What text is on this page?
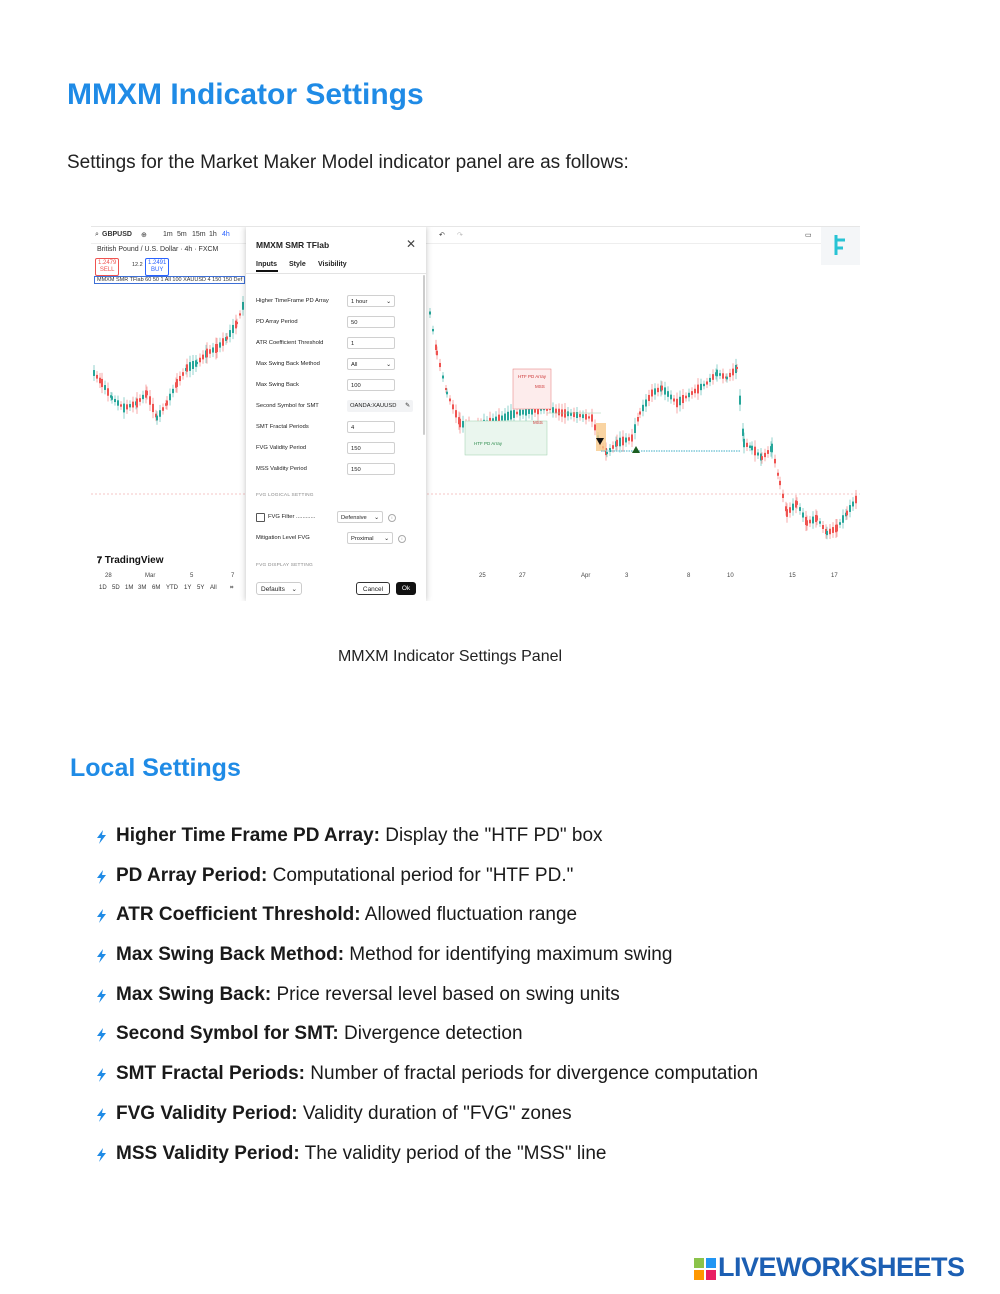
MMXM Indicator Settings

Settings for the Market Maker Model indicator panel are as follows:

⌕ GBPUSD ⊕ 1m 5m 15m 1h 4h	↶ ↷	▭
British Pound / U.S. Dollar · 4h · FXCM
1.2479
SELL
12.2 1.2491
BUY
MMXM SMR TFlab 60 50 1 All 100 XAUUSD 4 150 150 Def
HTF PD Array
MSS
HTF PD Array
MSS
𝟕 TradingView
28	Mar	5	7	25	27	Apr	3	8	10	15	17
1D 5D 1M 3M 6M YTD 1Y 5Y All ⌗
MMXM SMR TFlab	✕
Inputs Style Visibility
Higher TimeFrame PD Array	1 hour	⌄
PD Array Period	50
ATR Coefficient Threshold	1
Max Swing Back Method	All	⌄
Max Swing Back	100
Second Symbol for SMT	OANDA:XAUUSD ✎
SMT Fractal Periods	4
FVG Validity Period	150
MSS Validity Period	150
FVG LOGICAL SETTING
FVG Filter ............	Defensive ⌄	i
Mitigation Level FVG	Proximal ⌄	i
FVG DISPLAY SETTING
Defaults ⌄	Cancel	Ok

MMXM Indicator Settings Panel

Local Settings
Higher Time Frame PD Array: Display the "HTF PD" box
PD Array Period: Computational period for "HTF PD."
ATR Coefficient Threshold: Allowed fluctuation range
Max Swing Back Method: Method for identifying maximum swing
Max Swing Back: Price reversal level based on swing units
Second Symbol for SMT: Divergence detection
SMT Fractal Periods: Number of fractal periods for divergence computation
FVG Validity Period: Validity duration of "FVG" zones
MSS Validity Period: The validity period of the "MSS" line
LIVEWORKSHEETS
